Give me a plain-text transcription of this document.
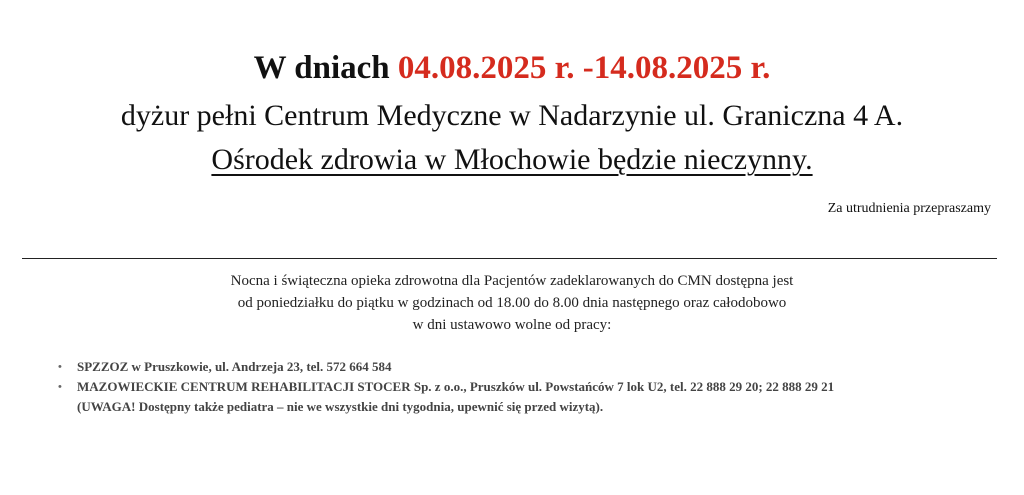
W dniach 04.08.2025 r. -14.08.2025 r.
dyżur pełni Centrum Medyczne w Nadarzynie ul. Graniczna 4 A.
Ośrodek zdrowia w Młochowie będzie nieczynny.
Za utrudnienia przepraszamy
Nocna i świąteczna opieka zdrowotna dla Pacjentów zadeklarowanych do CMN dostępna jest
od poniedziałku do piątku w godzinach od 18.00 do 8.00 dnia następnego oraz całodobowo
w dni ustawowo wolne od pracy:
• SPZZOZ w Pruszkowie, ul. Andrzeja 23, tel. 572 664 584
• MAZOWIECKIE CENTRUM REHABILITACJI STOCER Sp. z o.o., Pruszków ul. Powstańców 7 lok U2, tel. 22 888 29 20; 22 888 29 21
(UWAGA! Dostępny także pediatra – nie we wszystkie dni tygodnia, upewnić się przed wizytą).
